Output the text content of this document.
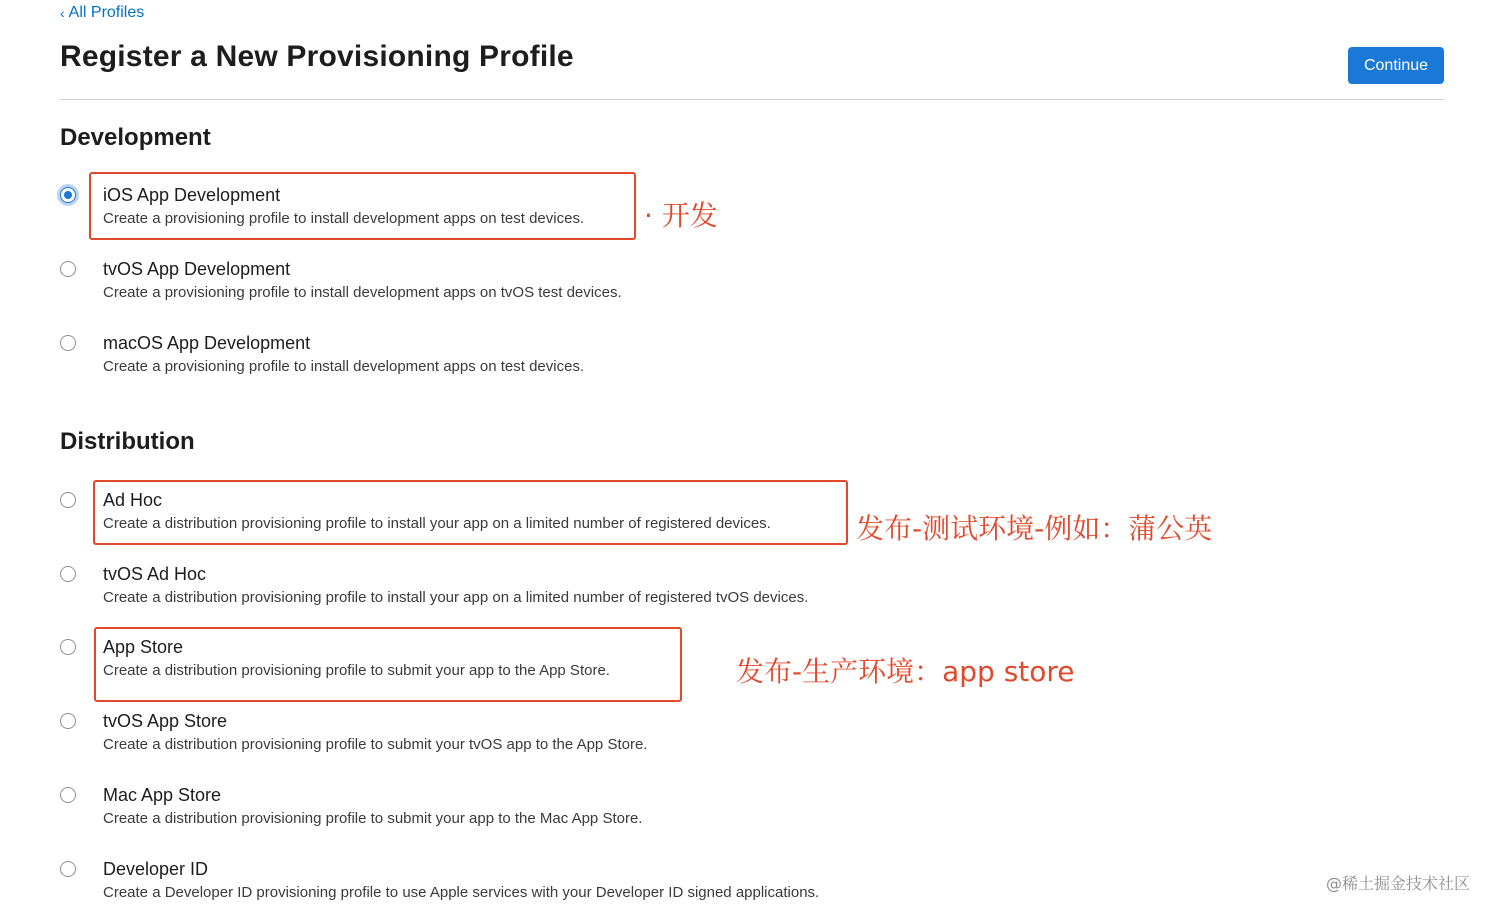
‹ All Profiles
Register a New Provisioning Profile	Continue
Development
iOS App Development
Create a provisioning profile to install development apps on test devices.
tvOS App Development
Create a provisioning profile to install development apps on tvOS test devices.
macOS App Development
Create a provisioning profile to install development apps on test devices.
Distribution
Ad Hoc
Create a distribution provisioning profile to install your app on a limited number of registered devices.
tvOS Ad Hoc
Create a distribution provisioning profile to install your app on a limited number of registered tvOS devices.
App Store
Create a distribution provisioning profile to submit your app to the App Store.
tvOS App Store
Create a distribution provisioning profile to submit your tvOS app to the App Store.
Mac App Store
Create a distribution provisioning profile to submit your app to the Mac App Store.
Developer ID
Create a Developer ID provisioning profile to use Apple services with your Developer ID signed applications.
· 开发
发布-测试环境-例如：蒲公英
发布-生产环境：app store
@稀土掘金技术社区
